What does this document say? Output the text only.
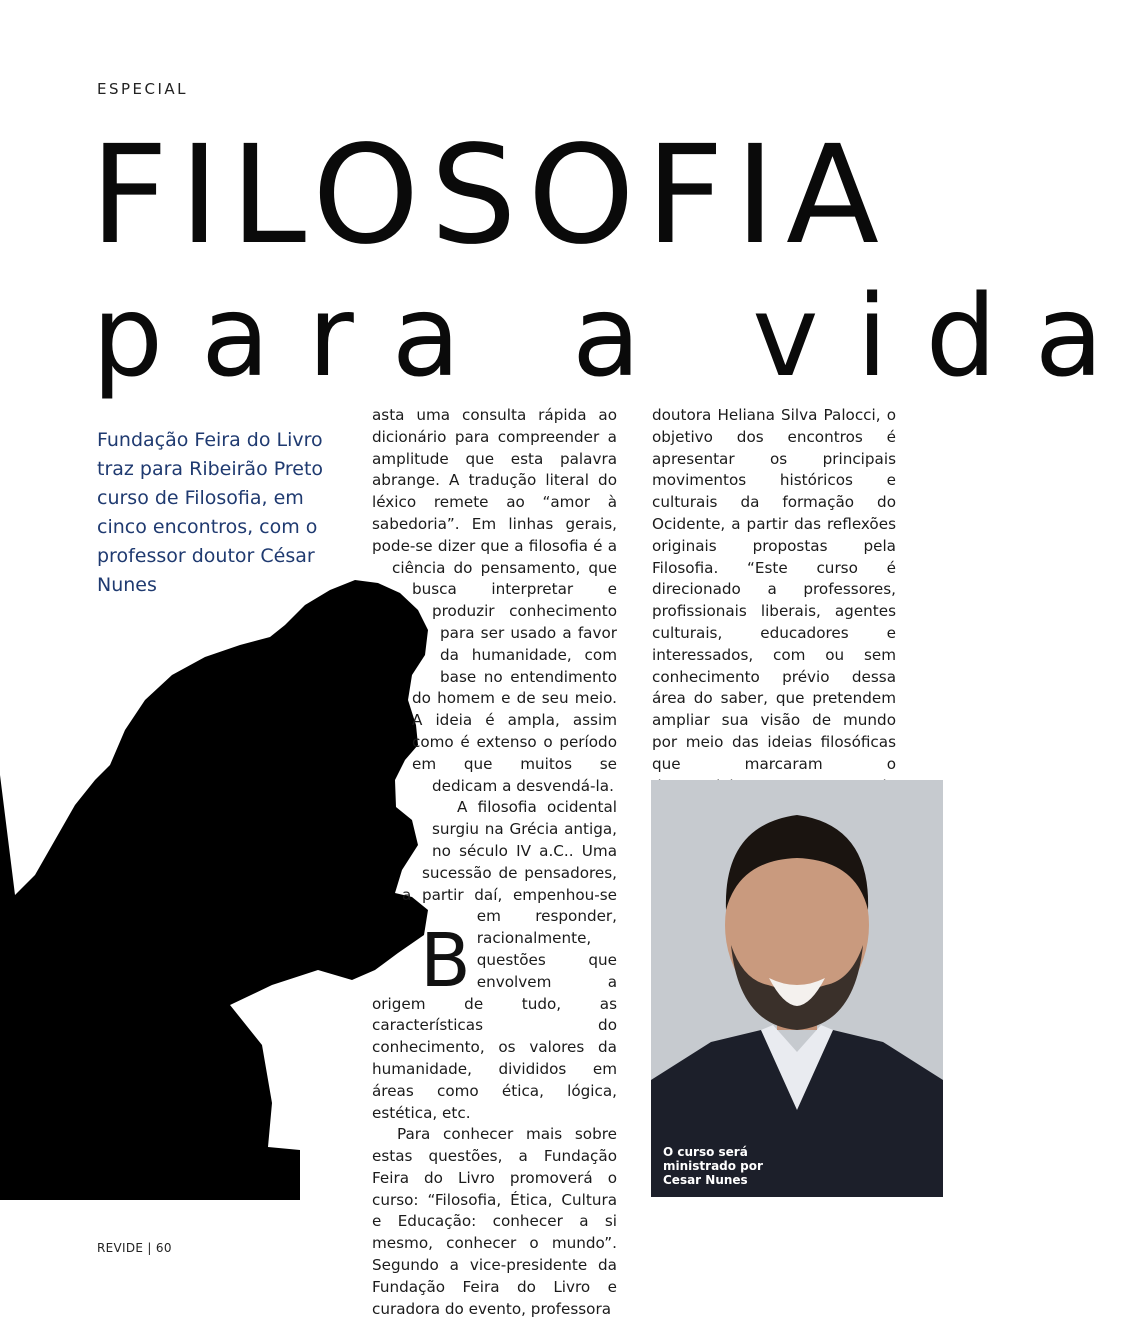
ESPECIAL
FILOSOFIA
para a vida
Fundação Feira do Livro traz para Ribeirão Preto curso de Filosofia, em cinco encontros, com o professor doutor César Nunes

B
asta uma consulta rápida ao dicionário para compreender a amplitude que esta palavra abrange. A tradução literal do léxico remete ao “amor à sabedoria”. Em linhas gerais, pode-se dizer que a filosofia é a ciência do pensamento, que busca interpretar e produzir conhecimento para ser usado a favor da humanidade, com base no entendimento do homem e de seu meio. A ideia é ampla, assim como é extenso o período em que muitos se dedicam a desvendá-la.

A filosofia ocidental surgiu na Grécia antiga, no século IV a.C.. Uma sucessão de pensadores, a partir daí, empenhou-se em responder, racionalmente, questões que envolvem a origem de tudo, as características do conhecimento, os valores da humanidade, divididos em áreas como ética, lógica, estética, etc.

Para conhecer mais sobre estas questões, a Fundação Feira do Livro promoverá o curso: “Filosofia, Ética, Cultura e Educação: conhecer a si mesmo, conhecer o mundo”. Segundo a vice-presidente da Fundação Feira do Livro e curadora do evento, professora

doutora Heliana Silva Palocci, o objetivo dos encontros é apresentar os principais movimentos históricos e culturais da formação do Ocidente, a partir das reflexões originais propostas pela Filosofia. “Este curso é direcionado a professores, profissionais liberais, agentes culturais, educadores e interessados, com ou sem conhecimento prévio dessa área do saber, que pretendem ampliar sua visão de mundo por meio das ideias filosóficas que marcaram o

O curso será ministrado por Cesar Nunes
REVIDE | 60
